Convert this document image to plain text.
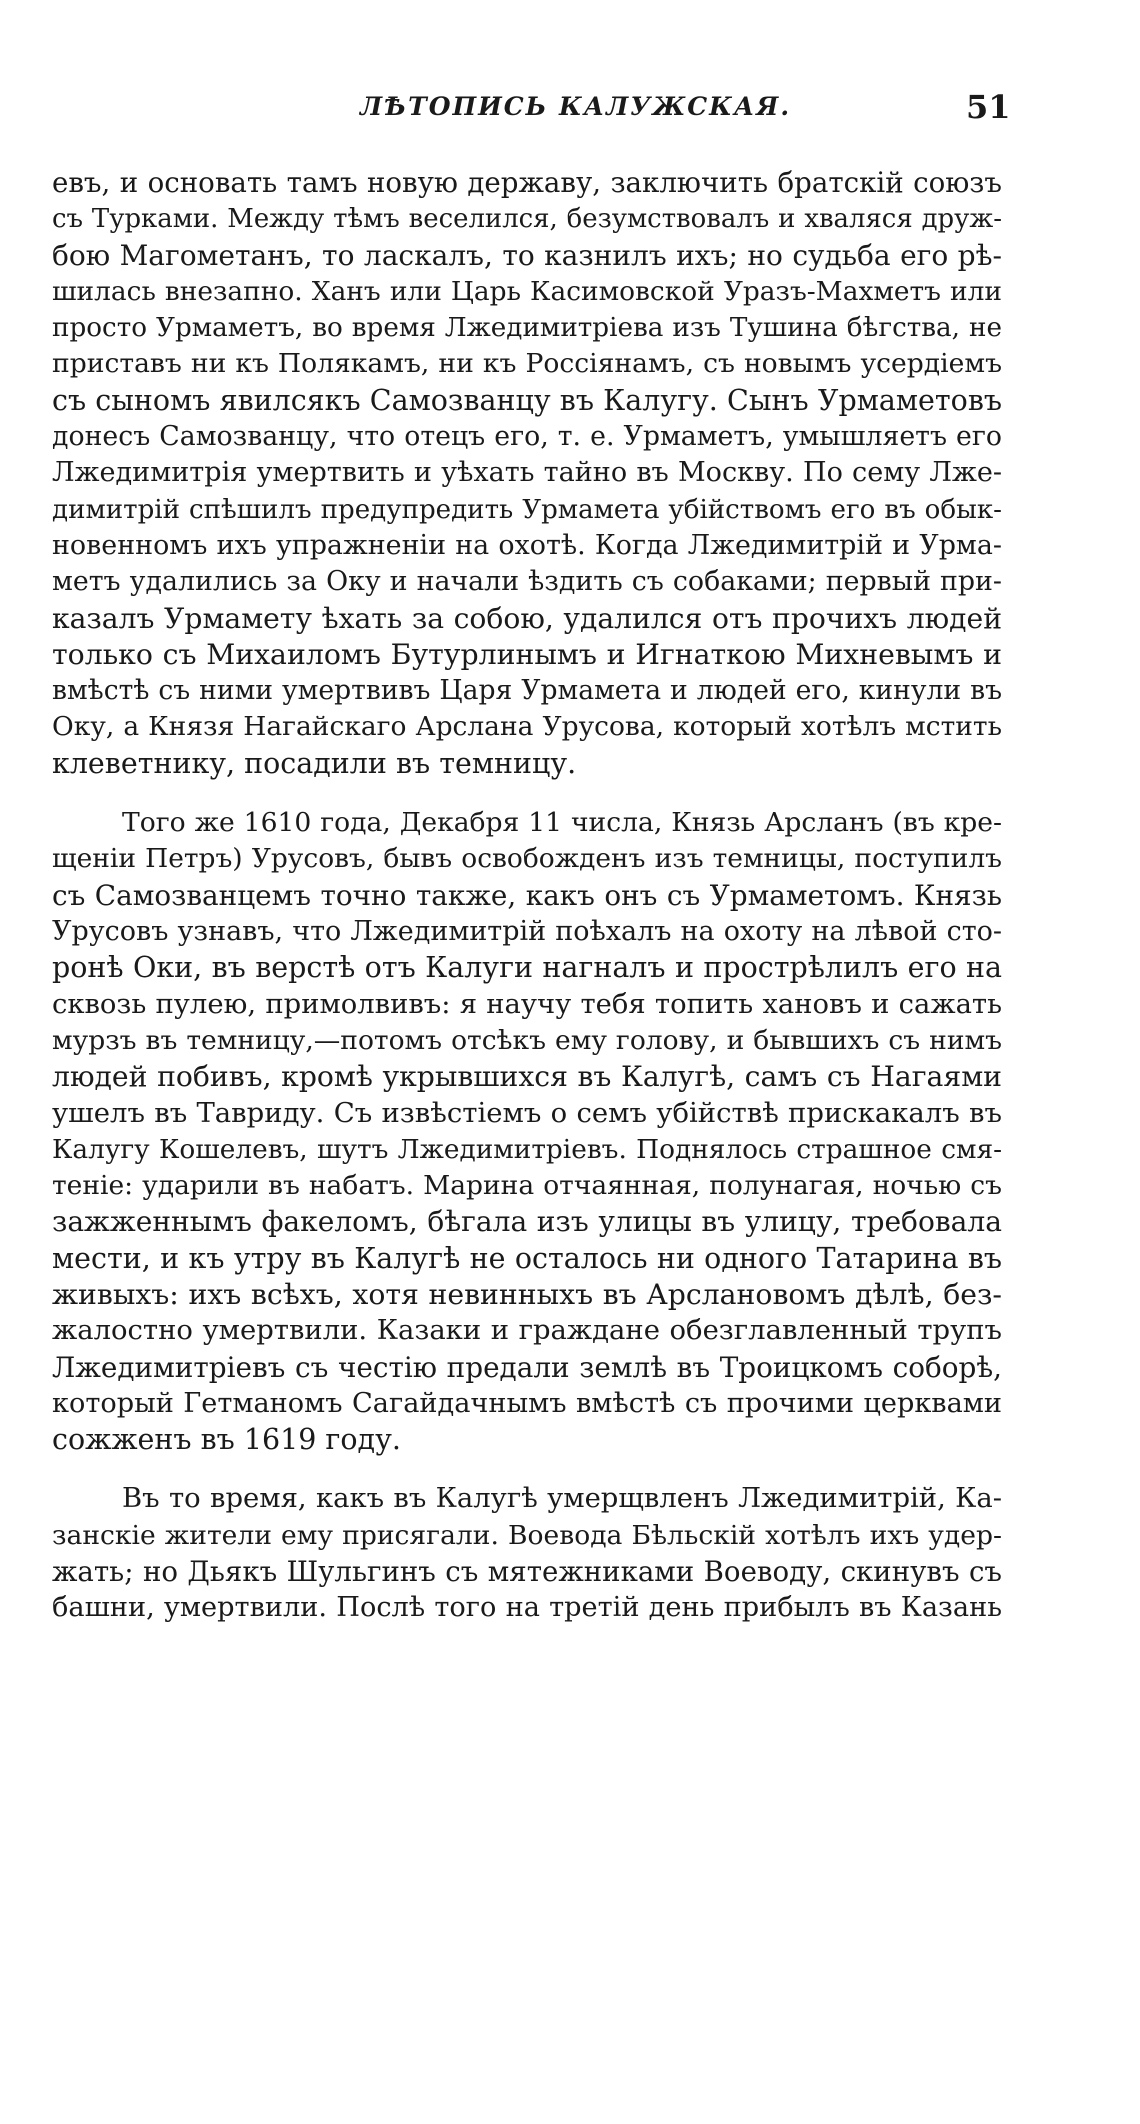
ЛѢТОПИСЬ КАЛУЖСКАЯ.	51
евъ, и основать тамъ новую державу, заключить братскій союзъ
съ Турками. Между тѣмъ веселился, безумствовалъ и хваляся друж-
бою Магометанъ, то ласкалъ, то казнилъ ихъ; но судьба его рѣ-
шилась внезапно. Ханъ или Царь Касимовской Уразъ-Махметъ или
просто Урмаметъ, во время Лжедимитріева изъ Тушина бѣгства, не
приставъ ни къ Полякамъ, ни къ Россіянамъ, съ новымъ усердіемъ
съ сыномъ явилсякъ Самозванцу въ Калугу. Сынъ Урмаметовъ
донесъ Самозванцу, что отецъ его, т. е. Урмаметъ, умышляетъ его
Лжедимитрія умертвить и уѣхать тайно въ Москву. По сему Лже-
димитрій спѣшилъ предупредить Урмамета убійствомъ его въ обык-
новенномъ ихъ упражненіи на охотѣ. Когда Лжедимитрій и Урма-
метъ удалились за Оку и начали ѣздить съ собаками; первый при-
казалъ Урмамету ѣхать за собою, удалился отъ прочихъ людей
только съ Михаиломъ Бутурлинымъ и Игнаткою Михневымъ и
вмѣстѣ съ ними умертвивъ Царя Урмамета и людей его, кинули въ
Оку, а Князя Нагайскаго Арслана Урусова, который хотѣлъ мстить
клеветнику, посадили въ темницу.
Того же 1610 года, Декабря 11 числа, Князь Арсланъ (въ кре-
щеніи Петръ) Урусовъ, бывъ освобожденъ изъ темницы, поступилъ
съ Самозванцемъ точно также, какъ онъ съ Урмаметомъ. Князь
Урусовъ узнавъ, что Лжедимитрій поѣхалъ на охоту на лѣвой сто-
ронѣ Оки, въ верстѣ отъ Калуги нагналъ и прострѣлилъ его на
сквозь пулею, примолвивъ: я научу тебя топить хановъ и сажать
мурзъ въ темницу,—потомъ отсѣкъ ему голову, и бывшихъ съ нимъ
людей побивъ, кромѣ укрывшихся въ Калугѣ, самъ съ Нагаями
ушелъ въ Тавриду. Съ извѣстіемъ о семъ убійствѣ прискакалъ въ
Калугу Кошелевъ, шутъ Лжедимитріевъ. Поднялось страшное смя-
теніе: ударили въ набатъ. Марина отчаянная, полунагая, ночью съ
зажженнымъ факеломъ, бѣгала изъ улицы въ улицу, требовала
мести, и къ утру въ Калугѣ не осталось ни одного Татарина въ
живыхъ: ихъ всѣхъ, хотя невинныхъ въ Арслановомъ дѣлѣ, без-
жалостно умертвили. Казаки и граждане обезглавленный трупъ
Лжедимитріевъ съ честію предали землѣ въ Троицкомъ соборѣ,
который Гетманомъ Сагайдачнымъ вмѣстѣ съ прочими церквами
сожженъ въ 1619 году.
Въ то время, какъ въ Калугѣ умерщвленъ Лжедимитрій, Ка-
занскіе жители ему присягали. Воевода Бѣльскій хотѣлъ ихъ удер-
жать; но Дьякъ Шульгинъ съ мятежниками Воеводу, скинувъ съ
башни, умертвили. Послѣ того на третій день прибылъ въ Казань
